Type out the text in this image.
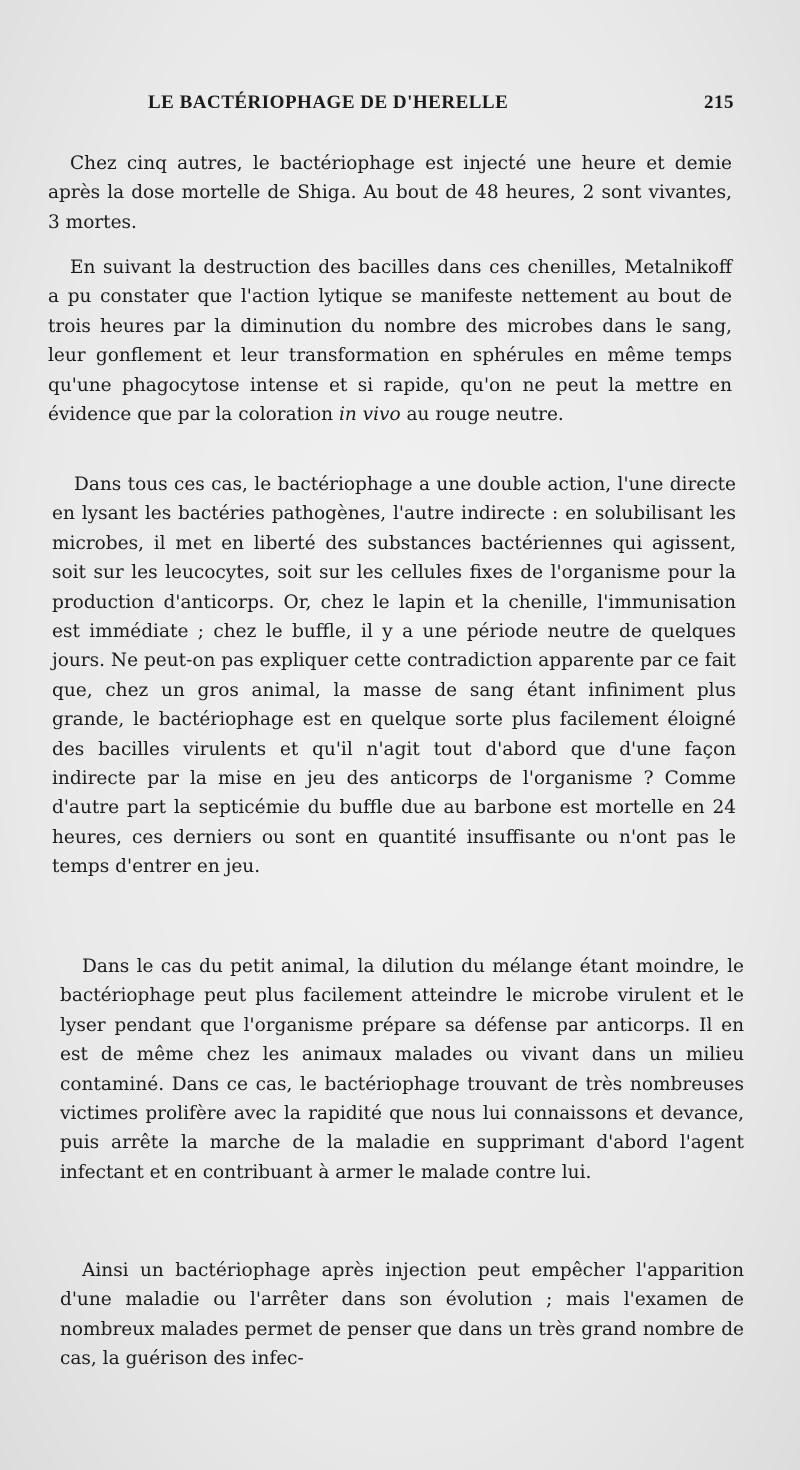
LE BACTÉRIOPHAGE DE D'HERELLE	215

Chez cinq autres, le bactériophage est injecté une heure et demie après la dose mortelle de Shiga. Au bout de 48 heures, 2 sont vivantes, 3 mortes.

En suivant la destruction des bacilles dans ces chenilles, Metalnikoff a pu constater que l'action lytique se manifeste nettement au bout de trois heures par la diminution du nombre des microbes dans le sang, leur gonflement et leur transformation en sphérules en même temps qu'une phagocytose intense et si rapide, qu'on ne peut la mettre en évidence que par la coloration in vivo au rouge neutre.

Dans tous ces cas, le bactériophage a une double action, l'une directe en lysant les bactéries pathogènes, l'autre indirecte : en solubilisant les microbes, il met en liberté des substances bactériennes qui agissent, soit sur les leucocytes, soit sur les cellules fixes de l'organisme pour la production d'anticorps. Or, chez le lapin et la chenille, l'immunisation est immédiate ; chez le buffle, il y a une période neutre de quelques jours. Ne peut-on pas expliquer cette contradiction apparente par ce fait que, chez un gros animal, la masse de sang étant infiniment plus grande, le bactériophage est en quelque sorte plus facilement éloigné des bacilles virulents et qu'il n'agit tout d'abord que d'une façon indirecte par la mise en jeu des anticorps de l'organisme ? Comme d'autre part la septicémie du buffle due au barbone est mortelle en 24 heures, ces derniers ou sont en quantité insuffisante ou n'ont pas le temps d'entrer en jeu.

Dans le cas du petit animal, la dilution du mélange étant moindre, le bactériophage peut plus facilement atteindre le microbe virulent et le lyser pendant que l'organisme prépare sa défense par anticorps. Il en est de même chez les animaux malades ou vivant dans un milieu contaminé. Dans ce cas, le bactériophage trouvant de très nombreuses victimes prolifère avec la rapidité que nous lui connaissons et devance, puis arrête la marche de la maladie en supprimant d'abord l'agent infectant et en contribuant à armer le malade contre lui.

Ainsi un bactériophage après injection peut empêcher l'apparition d'une maladie ou l'arrêter dans son évolution ; mais l'examen de nombreux malades permet de penser que dans un très grand nombre de cas, la guérison des infec-
